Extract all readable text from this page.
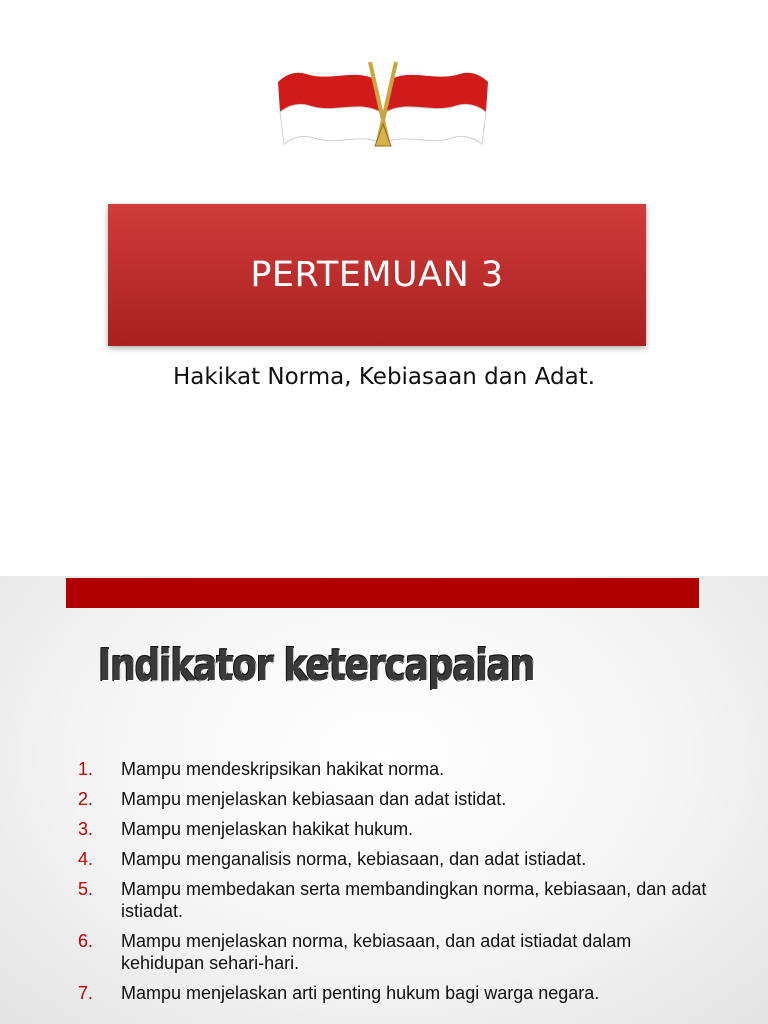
PERTEMUAN 3
Hakikat Norma, Kebiasaan dan Adat.
Indikator ketercapaian
1. Mampu mendeskripsikan hakikat norma.
2. Mampu menjelaskan kebiasaan dan adat istidat.
3. Mampu menjelaskan hakikat hukum.
4. Mampu menganalisis norma, kebiasaan, dan adat istiadat.
5. Mampu membedakan serta membandingkan norma, kebiasaan, dan adat istiadat.
6. Mampu menjelaskan norma, kebiasaan, dan adat istiadat dalam kehidupan sehari-hari.
7. Mampu menjelaskan arti penting hukum bagi warga negara.
